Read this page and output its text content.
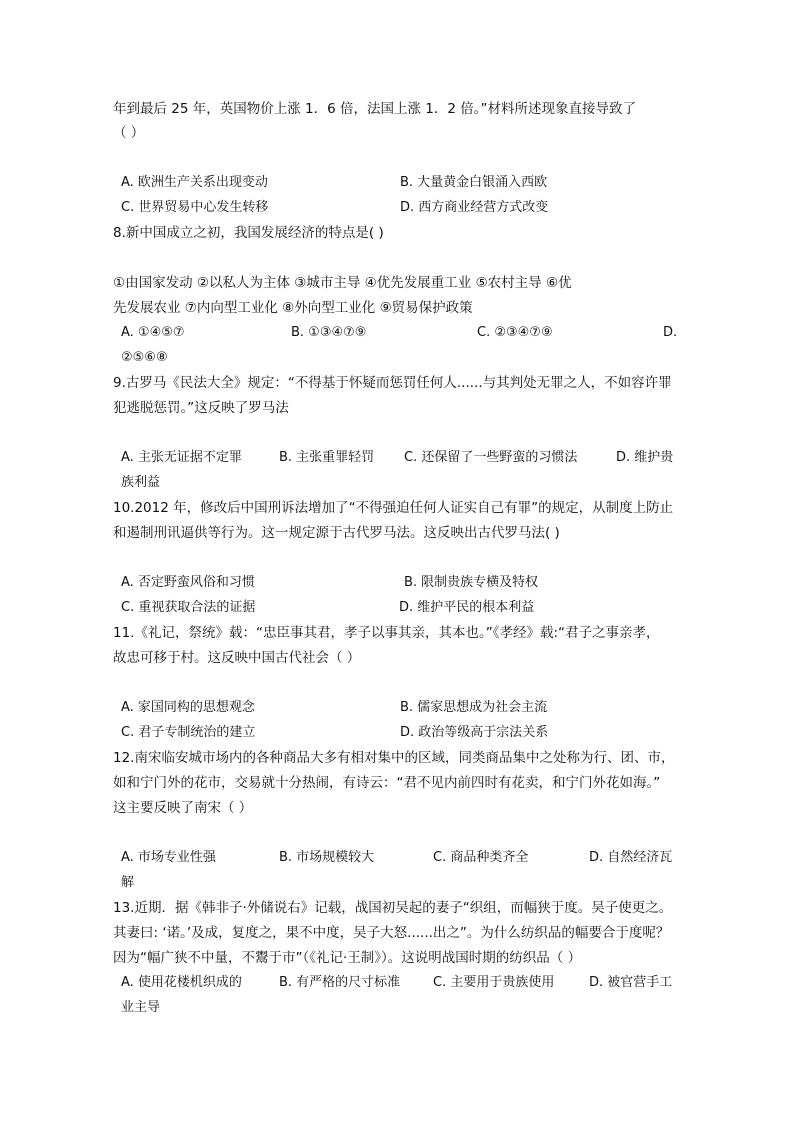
年到最后 25 年，英国物价上涨 1．6 倍，法国上涨 1．2 倍。”材料所述现象直接导致了
（ ）
A. 欧洲生产关系出现变动	B. 大量黄金白银涌入西欧
C. 世界贸易中心发生转移	D. 西方商业经营方式改变
8.新中国成立之初，我国发展经济的特点是( )
①由国家发动 ②以私人为主体 ③城市主导 ④优先发展重工业 ⑤农村主导 ⑥优
先发展农业 ⑦内向型工业化 ⑧外向型工业化 ⑨贸易保护政策
A. ①④⑤⑦	B. ①③④⑦⑨	C. ②③④⑦⑨	D.
②⑤⑥⑧
9.古罗马《民法大全》规定：“不得基于怀疑而惩罚任何人......与其判处无罪之人，不如容许罪
犯逃脱惩罚。”这反映了罗马法
A. 主张无证据不定罪	B. 主张重罪轻罚 C. 还保留了一些野蛮的习惯法	D. 维护贵
族利益
10.2012 年，修改后中国刑诉法增加了“不得强迫任何人证实自己有罪”的规定，从制度上防止
和遏制刑讯逼供等行为。这一规定源于古代罗马法。这反映出古代罗马法( )
A. 否定野蛮风俗和习惯	B. 限制贵族专横及特权
C. 重视获取合法的证据	D. 维护平民的根本利益
11.《礼记，祭统》载：“忠臣事其君，孝子以事其亲，其本也。”《孝经》载:“君子之事亲孝，
故忠可移于村。这反映中国古代社会（ ）
A. 家国同构的思想观念	B. 儒家思想成为社会主流
C. 君子专制统治的建立	D. 政治等级高于宗法关系
12.南宋临安城市场内的各种商品大多有相对集中的区域，同类商品集中之处称为行、团、市，
如和宁门外的花市，交易就十分热闹，有诗云：“君不见内前四时有花卖，和宁门外花如海。”
这主要反映了南宋（ ）
A. 市场专业性强	B. 市场规模较大	C. 商品种类齐全	D. 自然经济瓦
解
13.近期．据《韩非子·外储说右》记载，战国初吴起的妻子“织组，而幅狭于度。吴子使更之。
其妻曰: ‘诺。’及成，复度之，果不中度，吴子大怒......出之”。为什么纺织品的幅要合于度呢？
因为“幅广狭不中量，不鬻于市”（《礼记·王制》）。这说明战国时期的纺织品（ ）
A. 使用花楼机织成的	B. 有严格的尺寸标准	C. 主要用于贵族使用	D. 被官营手工
业主导
